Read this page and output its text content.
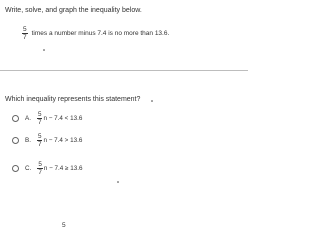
Write, solve, and graph the inequality below.
$\frac{5}{7}$ times a number minus 7.4 is no more than 13.6.
Which inequality represents this statement?
A. $\frac{5}{7}$ n − 7.4 < 13.6
B. $\frac{5}{7}$ n − 7.4 > 13.6
C. $\frac{5}{7}$ n − 7.4 ≥ 13.6
5
